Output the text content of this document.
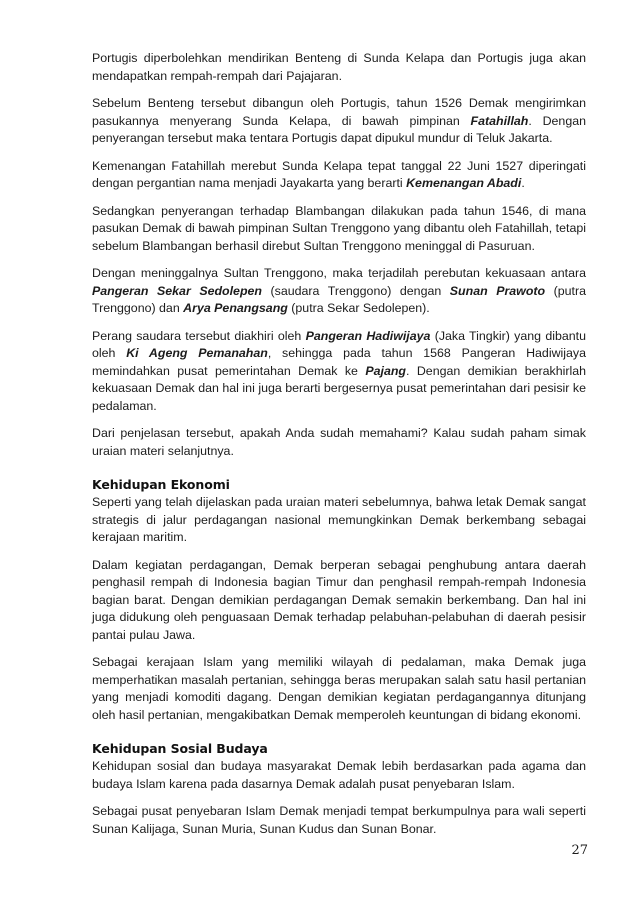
Portugis diperbolehkan mendirikan Benteng di Sunda Kelapa dan Portugis juga akan mendapatkan rempah-rempah dari Pajajaran.

Sebelum Benteng tersebut dibangun oleh Portugis, tahun 1526 Demak mengirimkan pasukannya menyerang Sunda Kelapa, di bawah pimpinan Fatahillah. Dengan penyerangan tersebut maka tentara Portugis dapat dipukul mundur di Teluk Jakarta.

Kemenangan Fatahillah merebut Sunda Kelapa tepat tanggal 22 Juni 1527 diperingati dengan pergantian nama menjadi Jayakarta yang berarti Kemenangan Abadi.

Sedangkan penyerangan terhadap Blambangan dilakukan pada tahun 1546, di mana pasukan Demak di bawah pimpinan Sultan Trenggono yang dibantu oleh Fatahillah, tetapi sebelum Blambangan berhasil direbut Sultan Trenggono meninggal di Pasuruan.

Dengan meninggalnya Sultan Trenggono, maka terjadilah perebutan kekuasaan antara Pangeran Sekar Sedolepen (saudara Trenggono) dengan Sunan Prawoto (putra Trenggono) dan Arya Penangsang (putra Sekar Sedolepen).

Perang saudara tersebut diakhiri oleh Pangeran Hadiwijaya (Jaka Tingkir) yang dibantu oleh Ki Ageng Pemanahan, sehingga pada tahun 1568 Pangeran Hadiwijaya memindahkan pusat pemerintahan Demak ke Pajang. Dengan demikian berakhirlah kekuasaan Demak dan hal ini juga berarti bergesernya pusat pemerintahan dari pesisir ke pedalaman.

Dari penjelasan tersebut, apakah Anda sudah memahami? Kalau sudah paham simak uraian materi selanjutnya.

Kehidupan Ekonomi

Seperti yang telah dijelaskan pada uraian materi sebelumnya, bahwa letak Demak sangat strategis di jalur perdagangan nasional memungkinkan Demak berkembang sebagai kerajaan maritim.

Dalam kegiatan perdagangan, Demak berperan sebagai penghubung antara daerah penghasil rempah di Indonesia bagian Timur dan penghasil rempah-rempah Indonesia bagian barat. Dengan demikian perdagangan Demak semakin berkembang. Dan hal ini juga didukung oleh penguasaan Demak terhadap pelabuhan-pelabuhan di daerah pesisir pantai pulau Jawa.

Sebagai kerajaan Islam yang memiliki wilayah di pedalaman, maka Demak juga memperhatikan masalah pertanian, sehingga beras merupakan salah satu hasil pertanian yang menjadi komoditi dagang. Dengan demikian kegiatan perdagangannya ditunjang oleh hasil pertanian, mengakibatkan Demak memperoleh keuntungan di bidang ekonomi.

Kehidupan Sosial Budaya

Kehidupan sosial dan budaya masyarakat Demak lebih berdasarkan pada agama dan budaya Islam karena pada dasarnya Demak adalah pusat penyebaran Islam.

Sebagai pusat penyebaran Islam Demak menjadi tempat berkumpulnya para wali seperti Sunan Kalijaga, Sunan Muria, Sunan Kudus dan Sunan Bonar.

27
